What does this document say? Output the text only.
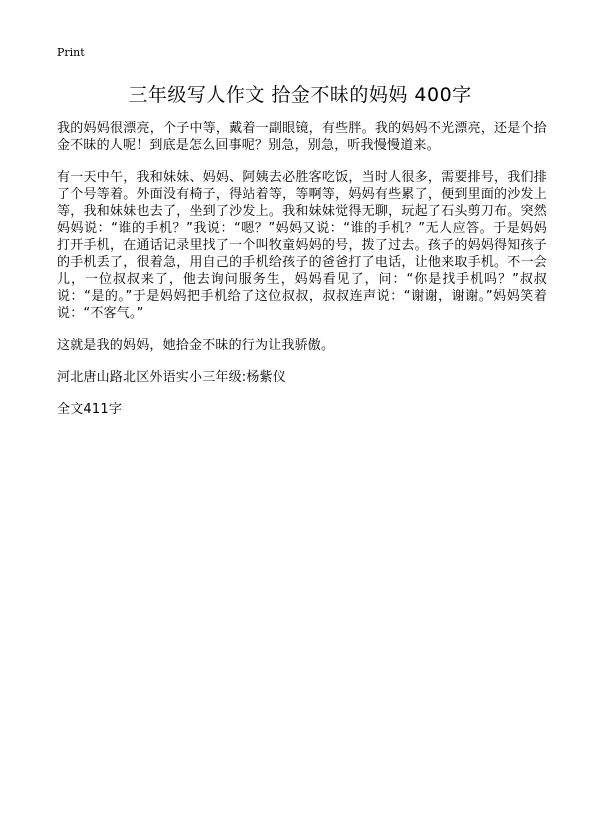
Print
三年级写人作文 拾金不昧的妈妈 400字

我的妈妈很漂亮，个子中等，戴着一副眼镜，有些胖。我的妈妈不光漂亮，还是个拾金不昧的人呢！到底是怎么回事呢？别急，别急，听我慢慢道来。

有一天中午，我和妹妹、妈妈、阿姨去必胜客吃饭，当时人很多，需要排号，我们排了个号等着。外面没有椅子，得站着等，等啊等，妈妈有些累了，便到里面的沙发上等，我和妹妹也去了，坐到了沙发上。我和妹妹觉得无聊，玩起了石头剪刀布。突然妈妈说：“谁的手机？”我说：“嗯？”妈妈又说：“谁的手机？”无人应答。于是妈妈打开手机，在通话记录里找了一个叫牧童妈妈的号，拨了过去。孩子的妈妈得知孩子的手机丢了，很着急，用自己的手机给孩子的爸爸打了电话，让他来取手机。不一会儿，一位叔叔来了，他去询问服务生，妈妈看见了，问：“你是找手机吗？”叔叔说：“是的。”于是妈妈把手机给了这位叔叔，叔叔连声说：“谢谢，谢谢。”妈妈笑着说：“不客气。”

这就是我的妈妈，她拾金不昧的行为让我骄傲。

河北唐山路北区外语实小三年级:杨紫仪

全文411字
